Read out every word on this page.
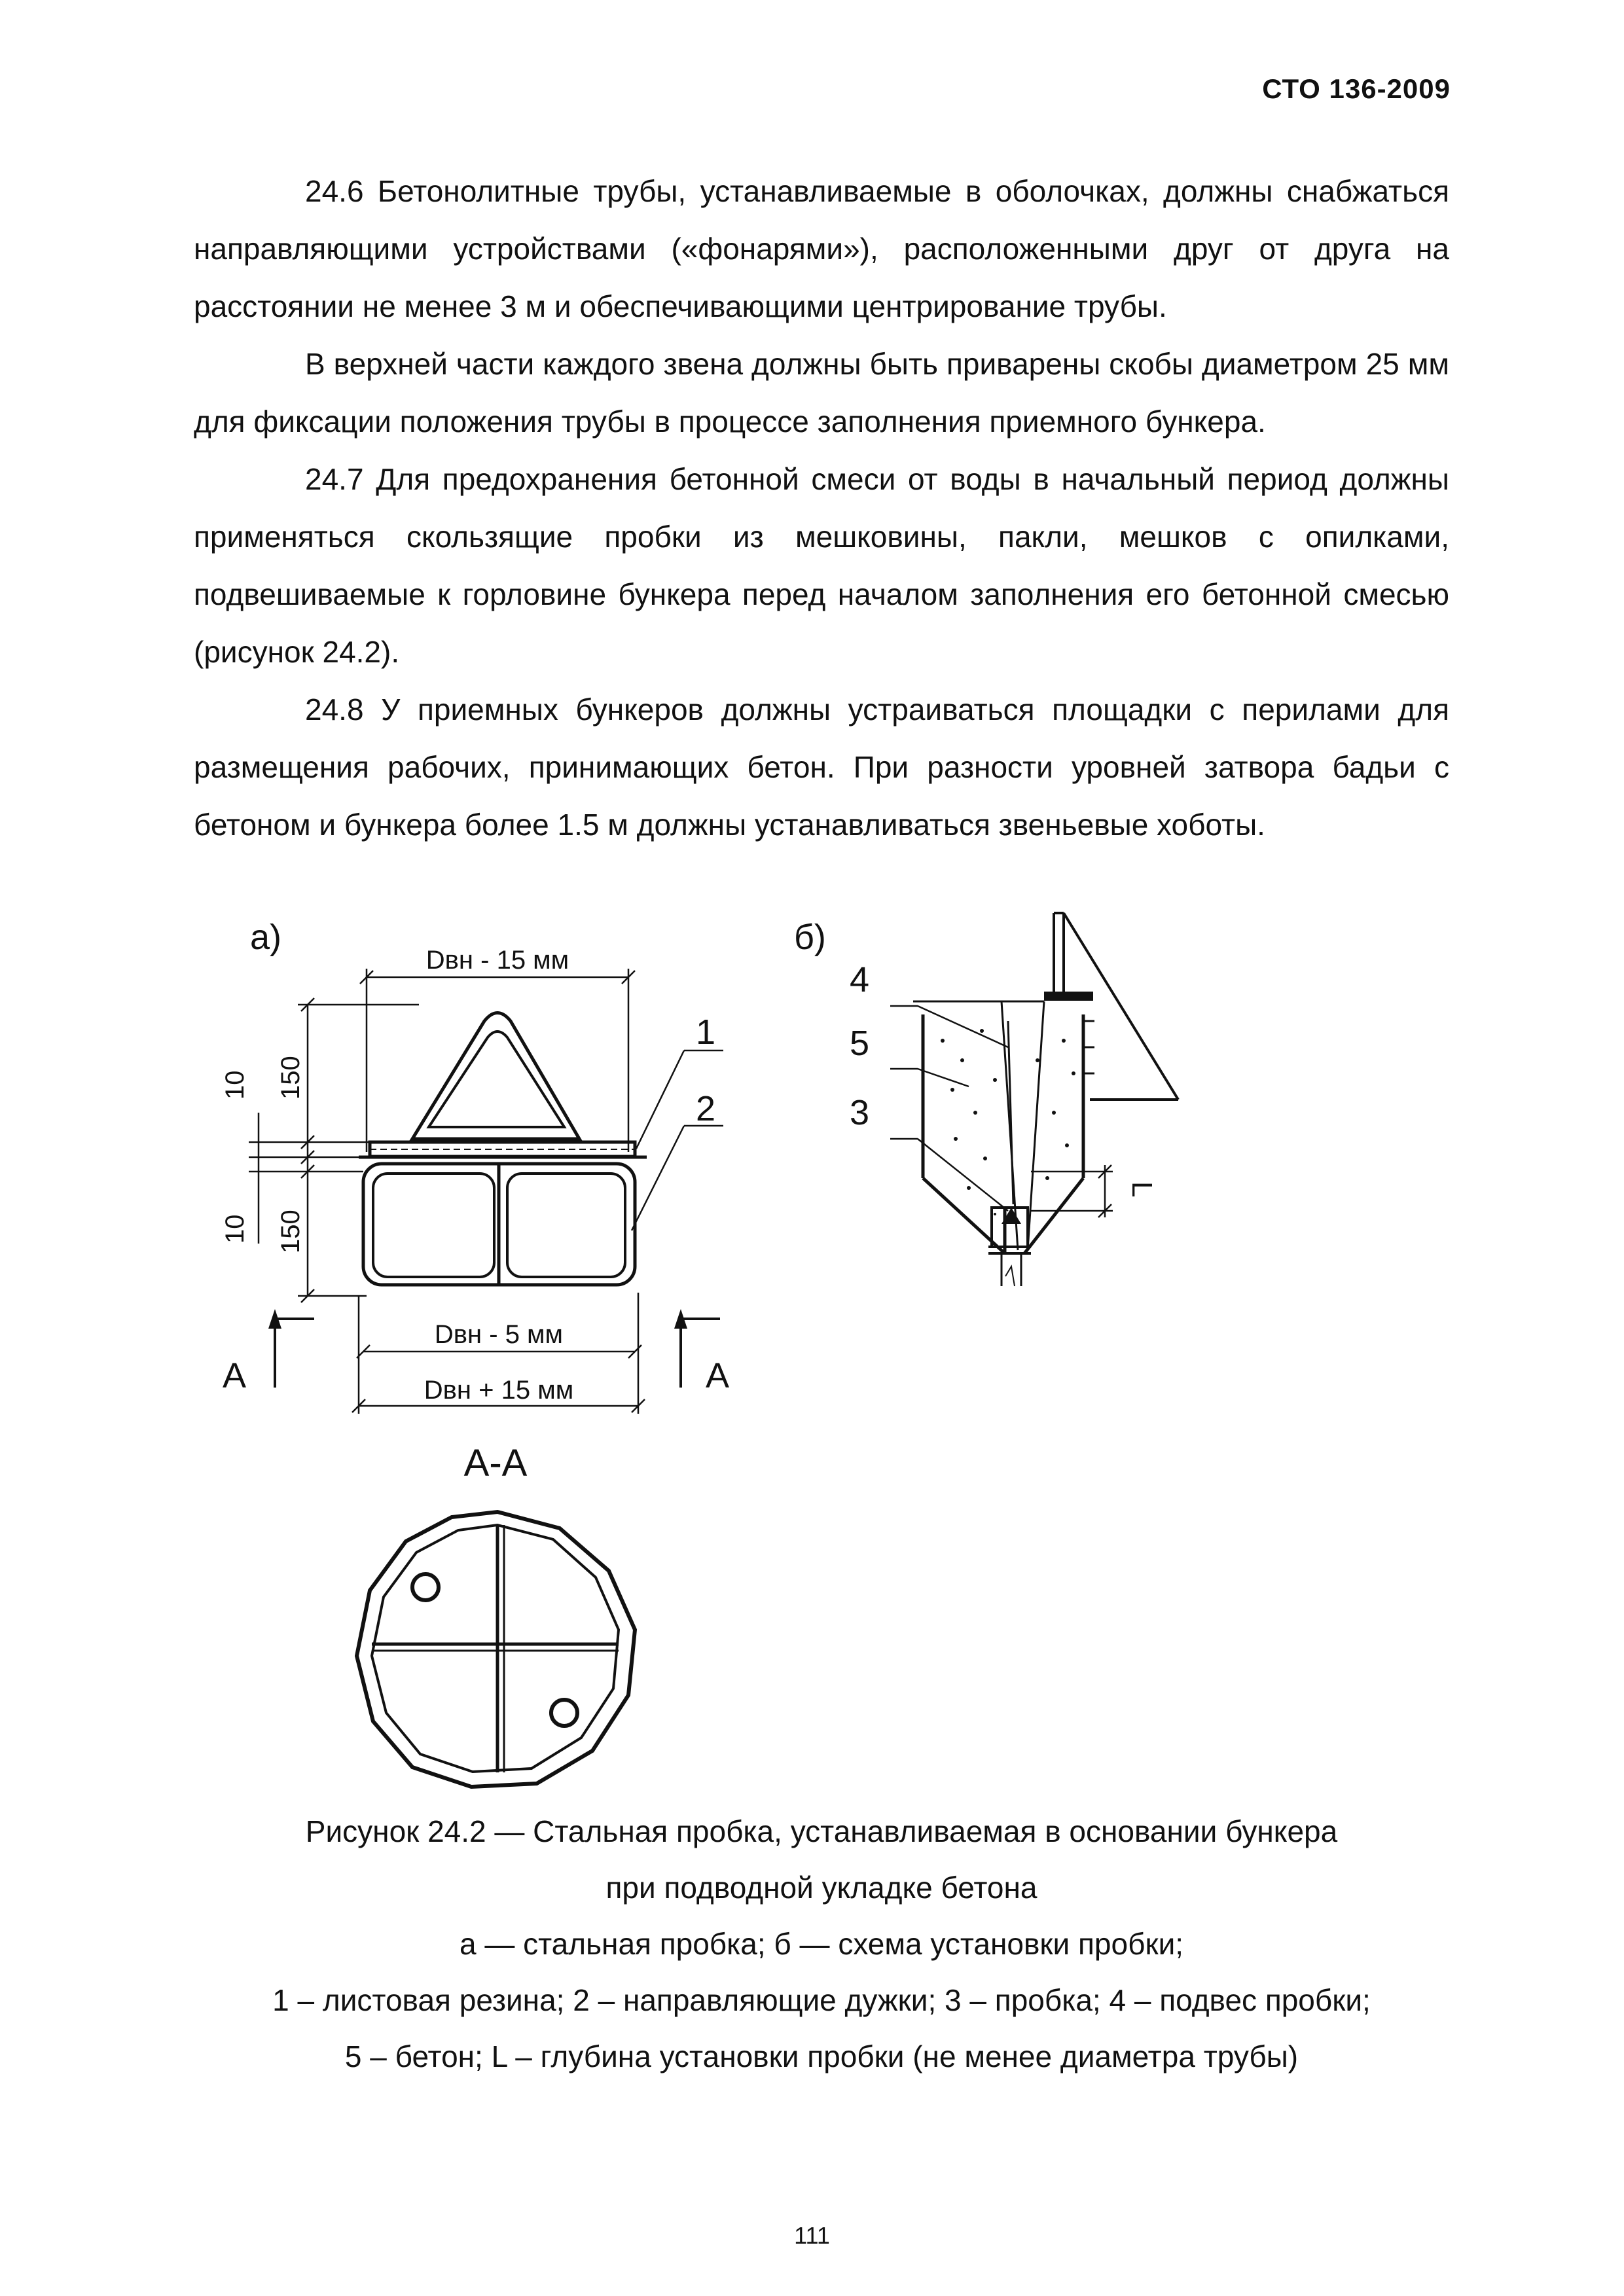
СТО 136-2009

24.6 Бетонолитные трубы, устанавливаемые в оболочках, должны снабжаться направляющими устройствами («фонарями»), расположенными друг от друга на расстоянии не менее 3 м и обеспечивающими центрирование трубы.

В верхней части каждого звена должны быть приварены скобы диаметром 25 мм для фиксации положения трубы в процессе заполнения приемного бункера.

24.7 Для предохранения бетонной смеси от воды в начальный период должны применяться скользящие пробки из мешковины, пакли, мешков с опилками, подвешиваемые к горловине бункера перед началом заполнения его бетонной смесью (рисунок 24.2).

24.8 У приемных бункеров должны устраиваться площадки с перилами для размещения рабочих, принимающих бетон. При разности уровней затвора бадьи с бетоном и бункера более 1.5 м должны устанавливаться звеньевые хоботы.

а)	б)
Dвн - 15 мм
Dвн - 5 мм
Dвн + 15 мм
10 150
10 150
1
2
А	А
А-А
4
5
3
L
Рисунок 24.2 — Стальная пробка, устанавливаемая в основании бункера
при подводной укладке бетона
а — стальная пробка; б — схема установки пробки;
1 – листовая резина; 2 – направляющие дужки; 3 – пробка; 4 – подвес пробки;
5 – бетон; L – глубина установки пробки (не менее диаметра трубы)
111
